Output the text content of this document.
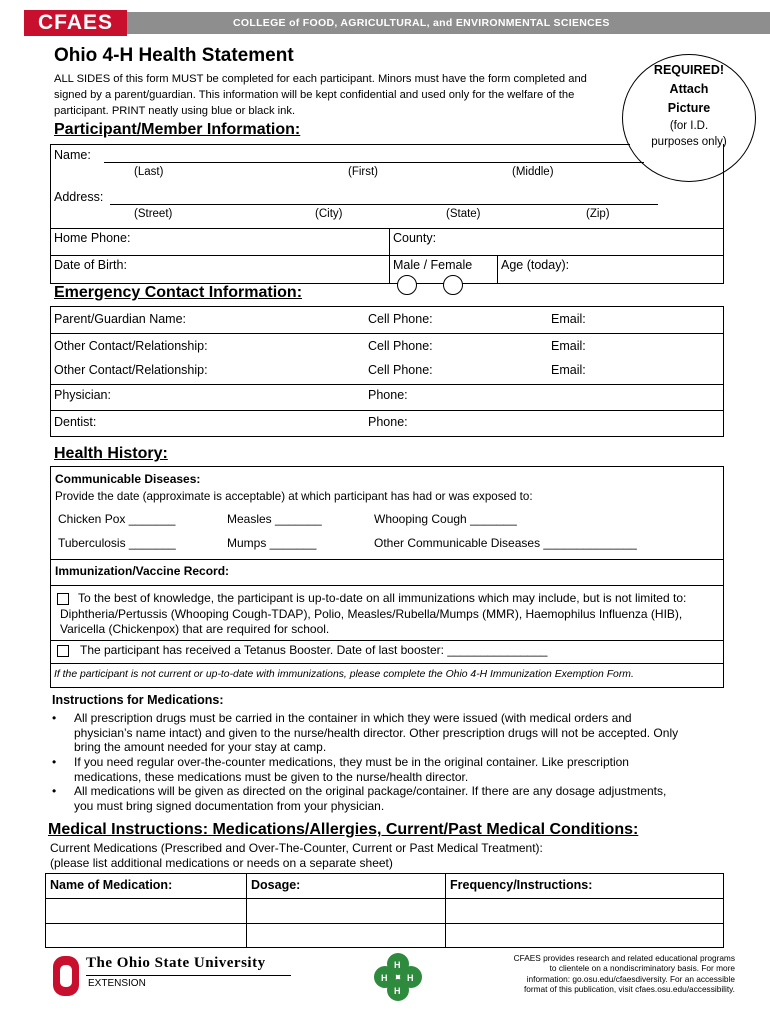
CFAES	COLLEGE of FOOD, AGRICULTURAL, and ENVIRONMENTAL SCIENCES
Ohio 4-H Health Statement
ALL SIDES of this form MUST be completed for each participant. Minors must have the form completed and signed by a parent/guardian. This information will be kept confidential and used only for the welfare of the participant. PRINT neatly using blue or black ink.
REQUIRED!
Attach
Picture
(for I.D.
purposes only)
Participant/Member Information:
Name:
(Last)	(First)	(Middle)
Address:
(Street)	(City)	(State)	(Zip)
Home Phone:	County:
Date of Birth:	Male / Female Age (today):
Emergency Contact Information:
Parent/Guardian Name:	Cell Phone:	Email:
Other Contact/Relationship:	Cell Phone:	Email:
Other Contact/Relationship:	Cell Phone:	Email:
Physician:	Phone:
Dentist:	Phone:
Health History:
Communicable Diseases:
Provide the date (approximate is acceptable) at which participant has had or was exposed to:
Chicken Pox _______	Measles _______	Whooping Cough _______
Tuberculosis _______	Mumps _______	Other Communicable Diseases ______________
Immunization/Vaccine Record:
To the best of knowledge, the participant is up-to-date on all immunizations which may include, but is not limited to:
Diphtheria/Pertussis (Whooping Cough-TDAP), Polio, Measles/Rubella/Mumps (MMR), Haemophilus Influenza (HIB),
Varicella (Chickenpox) that are required for school.
The participant has received a Tetanus Booster. Date of last booster: _______________
If the participant is not current or up-to-date with immunizations, please complete the Ohio 4-H Immunization Exemption Form.
Instructions for Medications:
• All prescription drugs must be carried in the container in which they were issued (with medical orders and
physician’s name intact) and given to the nurse/health director. Other prescription drugs will not be accepted. Only
bring the amount needed for your stay at camp.
• If you need regular over-the-counter medications, they must be in the original container. Like prescription
medications, these medications must be given to the nurse/health director.
• All medications will be given as directed on the original package/container. If there are any dosage adjustments,
you must bring signed documentation from your physician.
Medical Instructions: Medications/Allergies, Current/Past Medical Conditions:
Current Medications (Prescribed and Over-The-Counter, Current or Past Medical Treatment):
(please list additional medications or needs on a separate sheet)
Name of Medication:	Dosage:	Frequency/Instructions:
The Ohio State University
EXTENSION
H
H H
H
CFAES provides research and related educational programs
to clientele on a nondiscriminatory basis. For more
information: go.osu.edu/cfaesdiversity. For an accessible
format of this publication, visit cfaes.osu.edu/accessibility.
